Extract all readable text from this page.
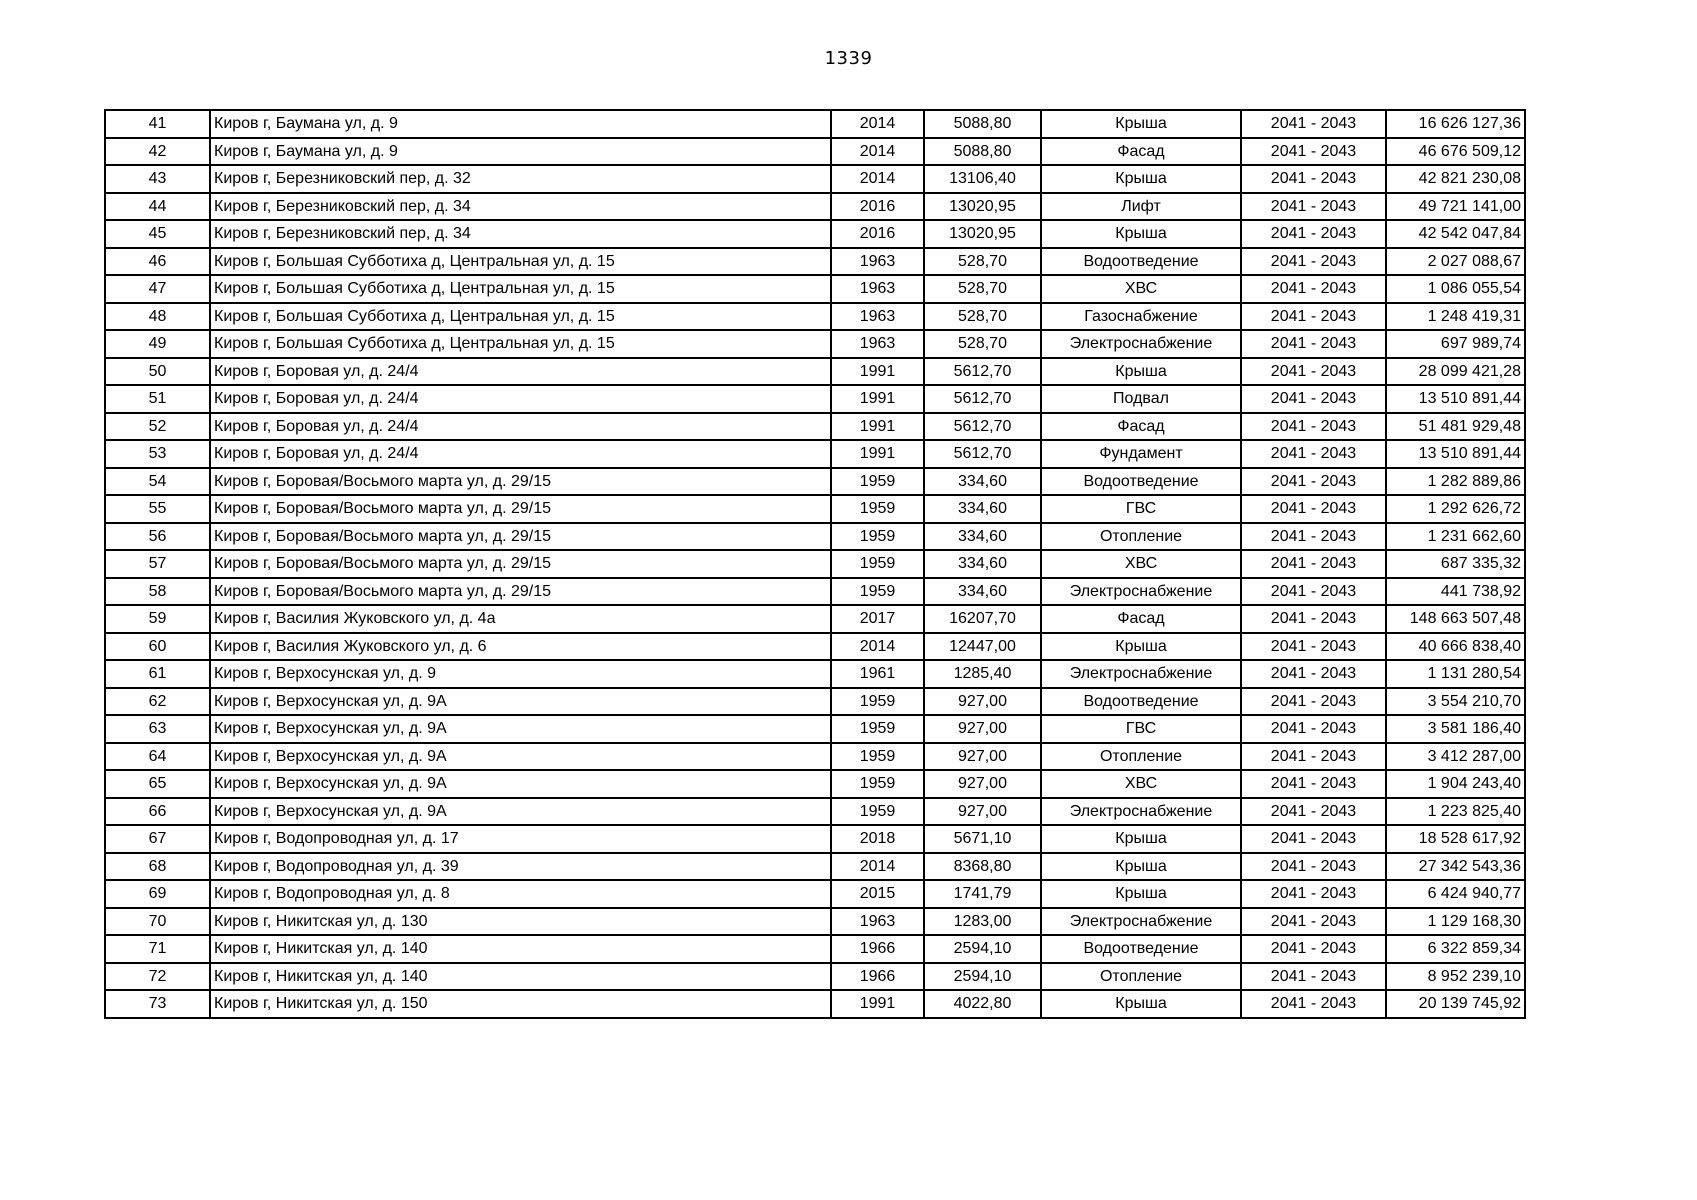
1339
41	Киров г, Баумана ул, д. 9	2014	5088,80	Крыша	2041 - 2043	16 626 127,36
42	Киров г, Баумана ул, д. 9	2014	5088,80	Фасад	2041 - 2043	46 676 509,12
43	Киров г, Березниковский пер, д. 32	2014	13106,40	Крыша	2041 - 2043	42 821 230,08
44	Киров г, Березниковский пер, д. 34	2016	13020,95	Лифт	2041 - 2043	49 721 141,00
45	Киров г, Березниковский пер, д. 34	2016	13020,95	Крыша	2041 - 2043	42 542 047,84
46	Киров г, Большая Субботиха д, Центральная ул, д. 15	1963	528,70	Водоотведение	2041 - 2043	2 027 088,67
47	Киров г, Большая Субботиха д, Центральная ул, д. 15	1963	528,70	ХВС	2041 - 2043	1 086 055,54
48	Киров г, Большая Субботиха д, Центральная ул, д. 15	1963	528,70	Газоснабжение	2041 - 2043	1 248 419,31
49	Киров г, Большая Субботиха д, Центральная ул, д. 15	1963	528,70	Электроснабжение	2041 - 2043	697 989,74
50	Киров г, Боровая ул, д. 24/4	1991	5612,70	Крыша	2041 - 2043	28 099 421,28
51	Киров г, Боровая ул, д. 24/4	1991	5612,70	Подвал	2041 - 2043	13 510 891,44
52	Киров г, Боровая ул, д. 24/4	1991	5612,70	Фасад	2041 - 2043	51 481 929,48
53	Киров г, Боровая ул, д. 24/4	1991	5612,70	Фундамент	2041 - 2043	13 510 891,44
54	Киров г, Боровая/Восьмого марта ул, д. 29/15	1959	334,60	Водоотведение	2041 - 2043	1 282 889,86
55	Киров г, Боровая/Восьмого марта ул, д. 29/15	1959	334,60	ГВС	2041 - 2043	1 292 626,72
56	Киров г, Боровая/Восьмого марта ул, д. 29/15	1959	334,60	Отопление	2041 - 2043	1 231 662,60
57	Киров г, Боровая/Восьмого марта ул, д. 29/15	1959	334,60	ХВС	2041 - 2043	687 335,32
58	Киров г, Боровая/Восьмого марта ул, д. 29/15	1959	334,60	Электроснабжение	2041 - 2043	441 738,92
59	Киров г, Василия Жуковского ул, д. 4а	2017	16207,70	Фасад	2041 - 2043	148 663 507,48
60	Киров г, Василия Жуковского ул, д. 6	2014	12447,00	Крыша	2041 - 2043	40 666 838,40
61	Киров г, Верхосунская ул, д. 9	1961	1285,40	Электроснабжение	2041 - 2043	1 131 280,54
62	Киров г, Верхосунская ул, д. 9А	1959	927,00	Водоотведение	2041 - 2043	3 554 210,70
63	Киров г, Верхосунская ул, д. 9А	1959	927,00	ГВС	2041 - 2043	3 581 186,40
64	Киров г, Верхосунская ул, д. 9А	1959	927,00	Отопление	2041 - 2043	3 412 287,00
65	Киров г, Верхосунская ул, д. 9А	1959	927,00	ХВС	2041 - 2043	1 904 243,40
66	Киров г, Верхосунская ул, д. 9А	1959	927,00	Электроснабжение	2041 - 2043	1 223 825,40
67	Киров г, Водопроводная ул, д. 17	2018	5671,10	Крыша	2041 - 2043	18 528 617,92
68	Киров г, Водопроводная ул, д. 39	2014	8368,80	Крыша	2041 - 2043	27 342 543,36
69	Киров г, Водопроводная ул, д. 8	2015	1741,79	Крыша	2041 - 2043	6 424 940,77
70	Киров г, Никитская ул, д. 130	1963	1283,00	Электроснабжение	2041 - 2043	1 129 168,30
71	Киров г, Никитская ул, д. 140	1966	2594,10	Водоотведение	2041 - 2043	6 322 859,34
72	Киров г, Никитская ул, д. 140	1966	2594,10	Отопление	2041 - 2043	8 952 239,10
73	Киров г, Никитская ул, д. 150	1991	4022,80	Крыша	2041 - 2043	20 139 745,92
